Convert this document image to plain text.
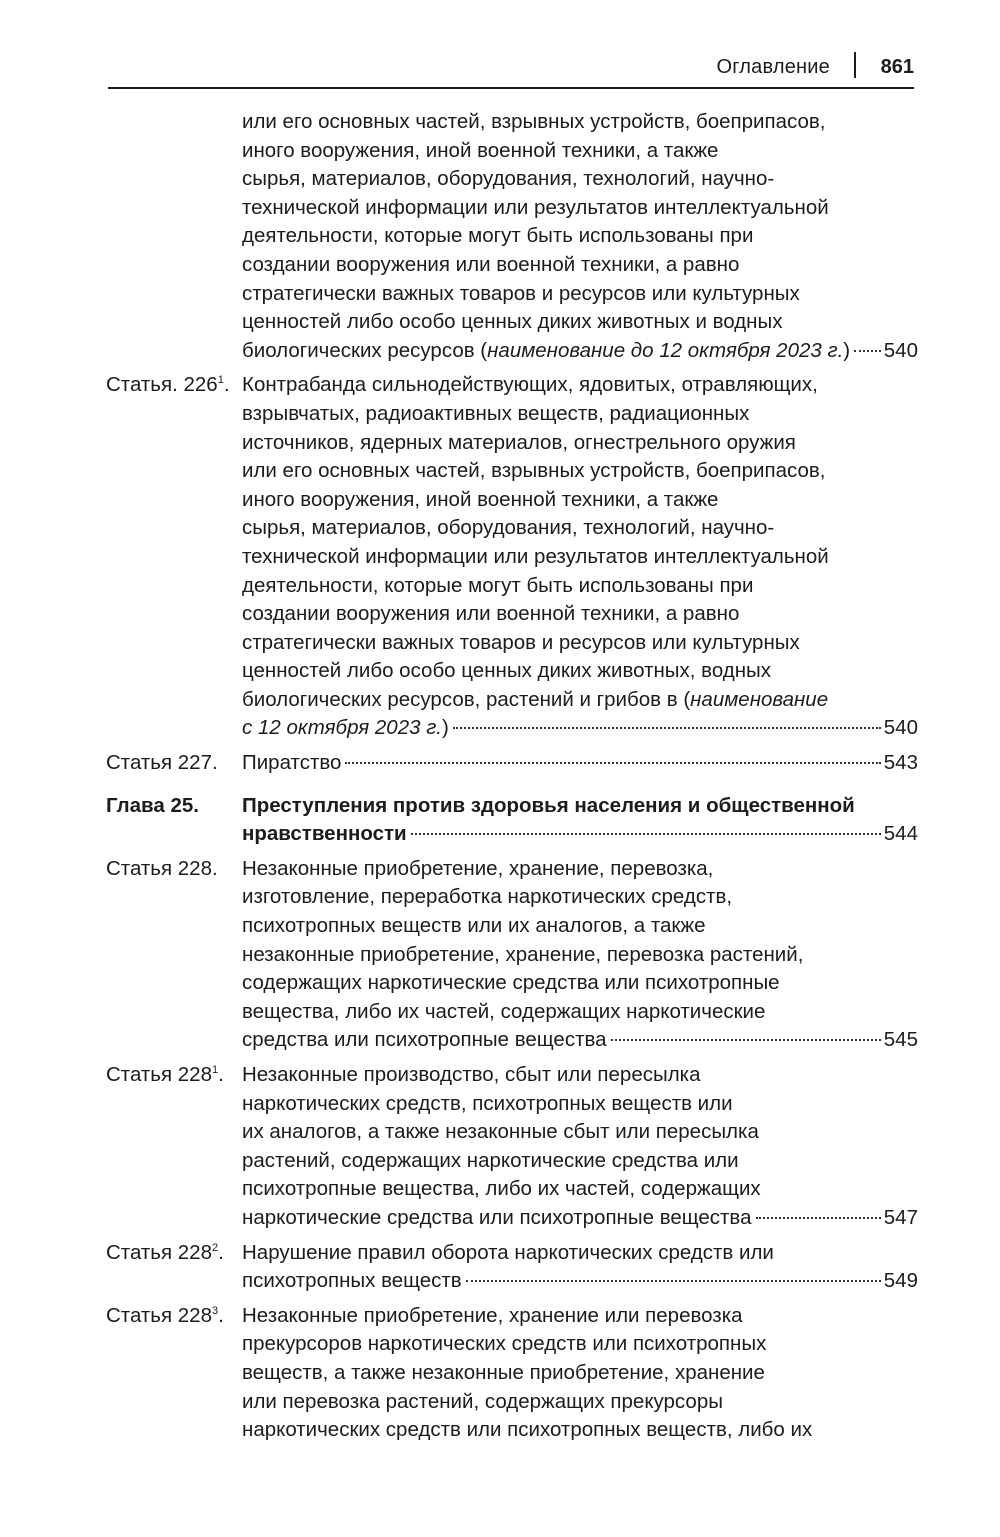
Оглавление	861
или его основных частей, взрывных устройств, боеприпасов,
иного вооружения, иной военной техники, а также
сырья, материалов, оборудования, технологий, научно-
технической информации или результатов интеллектуальной
деятельности, которые могут быть использованы при
создании вооружения или военной техники, а равно
стратегически важных товаров и ресурсов или культурных
ценностей либо особо ценных диких животных и водных
биологических ресурсов (наименование до 12 октября 2023 г.) 540
Статья. $226^1$. Контрабанда сильнодействующих, ядовитых, отравляющих,
взрывчатых, радиоактивных веществ, радиационных
источников, ядерных материалов, огнестрельного оружия
или его основных частей, взрывных устройств, боеприпасов,
иного вооружения, иной военной техники, а также
сырья, материалов, оборудования, технологий, научно-
технической информации или результатов интеллектуальной
деятельности, которые могут быть использованы при
создании вооружения или военной техники, а равно
стратегически важных товаров и ресурсов или культурных
ценностей либо особо ценных диких животных, водных
биологических ресурсов, растений и грибов в (наименование
с 12 октября 2023 г.)	540
Статья 227. Пиратство	543
Глава 25. Преступления против здоровья населения и общественной
нравственности	544
Статья 228. Незаконные приобретение, хранение, перевозка,
изготовление, переработка наркотических средств,
психотропных веществ или их аналогов, а также
незаконные приобретение, хранение, перевозка растений,
содержащих наркотические средства или психотропные
вещества, либо их частей, содержащих наркотические
средства или психотропные вещества	545
Статья $228^1$. Незаконные производство, сбыт или пересылка
наркотических средств, психотропных веществ или
их аналогов, а также незаконные сбыт или пересылка
растений, содержащих наркотические средства или
психотропные вещества, либо их частей, содержащих
наркотические средства или психотропные вещества	547
Статья $228^2$. Нарушение правил оборота наркотических средств или
психотропных веществ	549
Статья $228^3$. Незаконные приобретение, хранение или перевозка
прекурсоров наркотических средств или психотропных
веществ, а также незаконные приобретение, хранение
или перевозка растений, содержащих прекурсоры
наркотических средств или психотропных веществ, либо их
